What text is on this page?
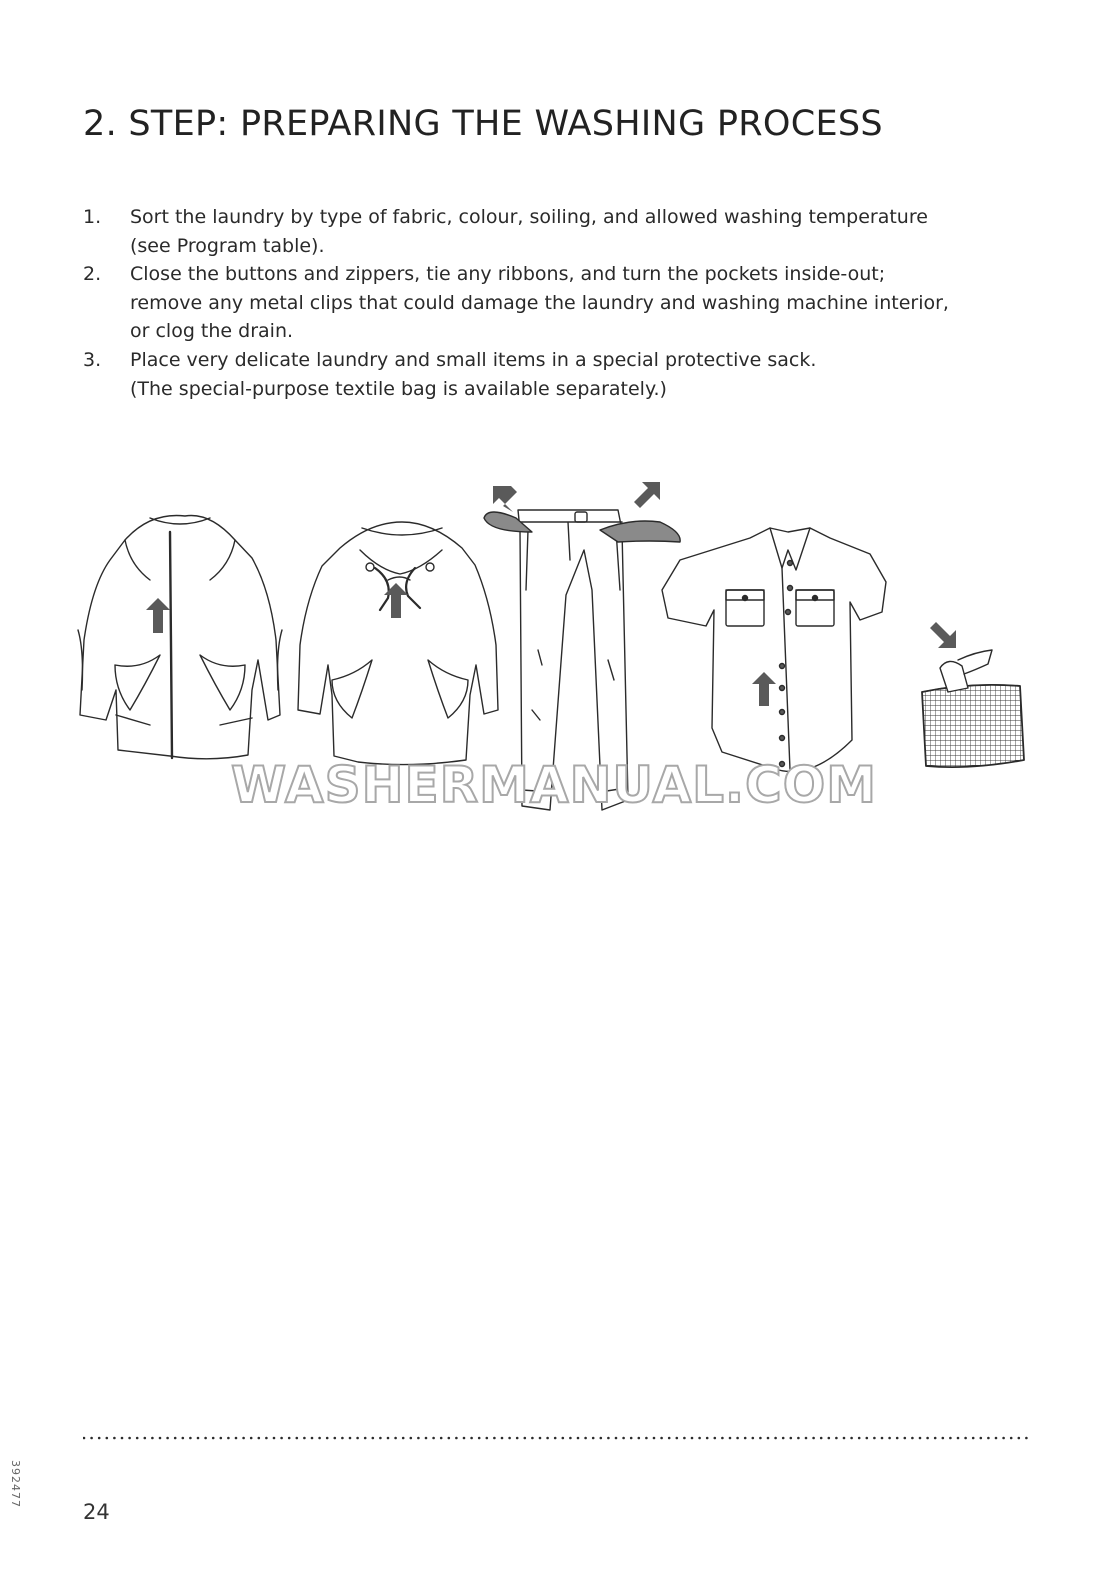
2. STEP: PREPARING THE WASHING PROCESS
1.	Sort the laundry by type of fabric, colour, soiling, and allowed washing temperature
(see Program table).
2.	Close the buttons and zippers, tie any ribbons, and turn the pockets inside-out;
remove any metal clips that could damage the laundry and washing machine interior,
or clog the drain.
3.	Place very delicate laundry and small items in a special protective sack.
(The special-purpose textile bag is available separately.)
WASHERMANUAL.COM
392477
24
